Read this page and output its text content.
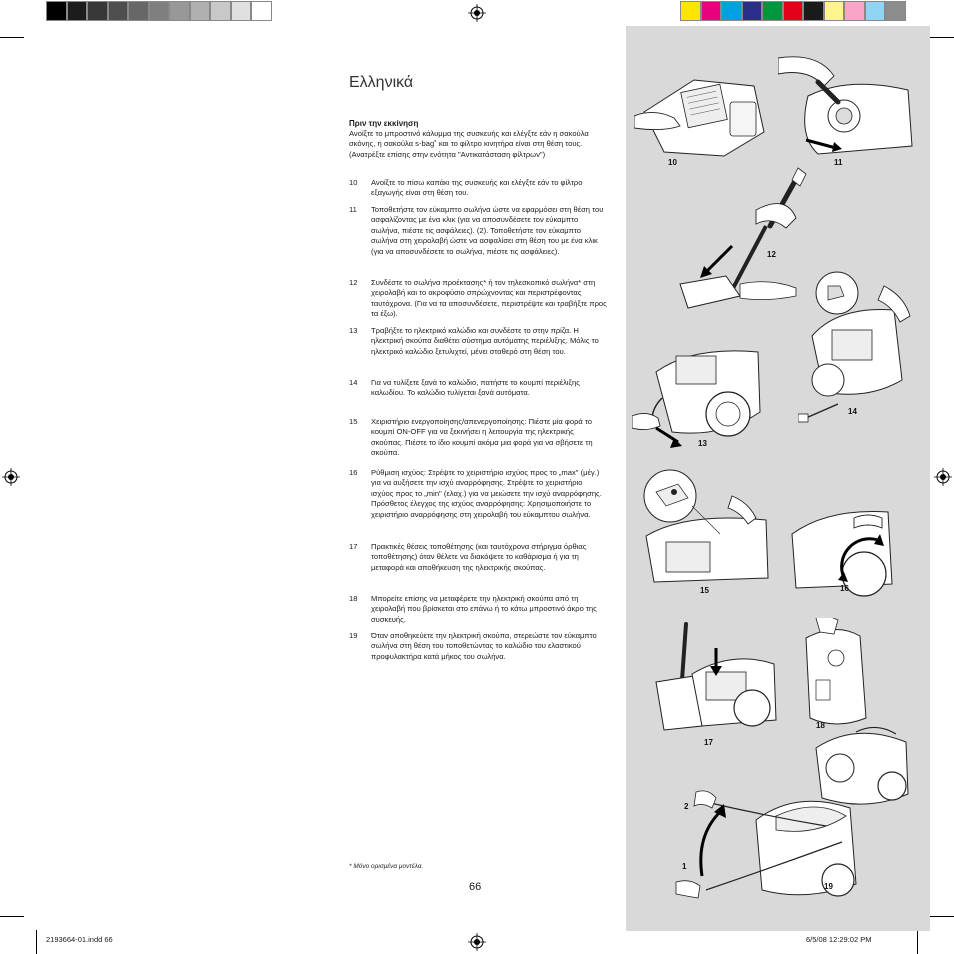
Ελληνικά
Πριν την εκκίνηση
Ανοίξτε το μπροστινό κάλυμμα της συσκευής και ελέγξτε εάν η σακούλα σκόνης, η σακούλα s-bag˚ και το φίλτρο κινητήρα είναι στη θέση τους. (Ανατρέξτε επίσης στην ενότητα "Αντικατάσταση φίλτρων")
10	Ανοίξτε το πίσω καπάκι της συσκευής και ελέγξτε εάν το φίλτρο εξαγωγής είναι στη θέση του.
11	Τοποθετήστε τον εύκαμπτο σωλήνα ώστε να εφαρμόσει στη θέση του ασφαλίζοντας με ένα κλικ (για να αποσυνδέσετε τον εύκαμπτο σωλήνα, πιέστε τις ασφάλειες). (2). Τοποθετήστε τον εύκαμπτο σωλήνα στη χειρολαβή ώστε να ασφαλίσει στη θέση του με ένα κλικ (για να αποσυνδέσετε το σωλήνα, πιέστε τις ασφάλειες).
12	Συνδέστε το σωλήνα προέκτασης* ή τον τηλεσκοπικό σωλήνα* στη χειρολαβή και το ακροφύσιο σπρώχνοντας και περιστρέφοντας ταυτόχρονα. (Για να τα αποσυνδέσετε, περιστρέψτε και τραβήξτε προς τα έξω).
13	Τραβήξτε το ηλεκτρικό καλώδιο και συνδέστε το στην πρίζα. Η ηλεκτρική σκούπα διαθέτει σύστημα αυτόματης περιέλιξης. Μόλις το ηλεκτρικό καλώδιο ξετυλιχτεί, μένει σταθερό στη θέση του.
14	Για να τυλίξετε ξανά το καλώδιο, πατήστε το κουμπί περιέλιξης καλωδίου. Το καλώδιο τυλίγεται ξανά αυτόματα.
15	Χειριστήριο ενεργοποίησης/απενεργοποίησης: Πιέστε μία φορά το κουμπί ON-OFF για να ξεκινήσει η λειτουργία της ηλεκτρικής σκούπας. Πιέστε το ίδιο κουμπί ακόμα μια φορά για να σβήσετε τη σκούπα.
16	Ρύθμιση ισχύος: Στρέψτε το χειριστήριο ισχύος προς το „max" (μέγ.) για να αυξήσετε την ισχύ αναρρόφησης. Στρέψτε το χειριστήριο ισχύος προς το „min" (ελαχ.) για να μειώσετε την ισχύ αναρρόφησης. Πρόσθετος έλεγχος της ισχύος αναρρόφησης: Χρησιμοποιήστε το χειριστήριο αναρρόφησης στη χειρολαβή του εύκαμπτου σωλήνα.
17	Πρακτικές θέσεις τοποθέτησης (και ταυτόχρονα στήριγμα όρθιας τοποθέτησης) όταν θέλετε να διακόψετε το καθάρισμα ή για τη μεταφορά και αποθήκευση της ηλεκτρικής σκούπας.
18	Μπορείτε επίσης να μεταφέρετε την ηλεκτρική σκούπα από τη χειρολαβή που βρίσκεται στο επάνω ή το κάτω μπροστινό άκρο της συσκευής.
19	Όταν αποθηκεύετε την ηλεκτρική σκούπα, στερεώστε τον εύκαμπτο σωλήνα στη θέση του τοποθετώντας το καλώδιο του ελαστικού προφυλακτήρα κατά μήκος του σωλήνα.
* Μόνο ορισμένα μοντέλα.
66
2193664-01.indd 66	6/5/08 12:29:02 PM
10	11
12
13
14
15	16
17
18
2
1
19
